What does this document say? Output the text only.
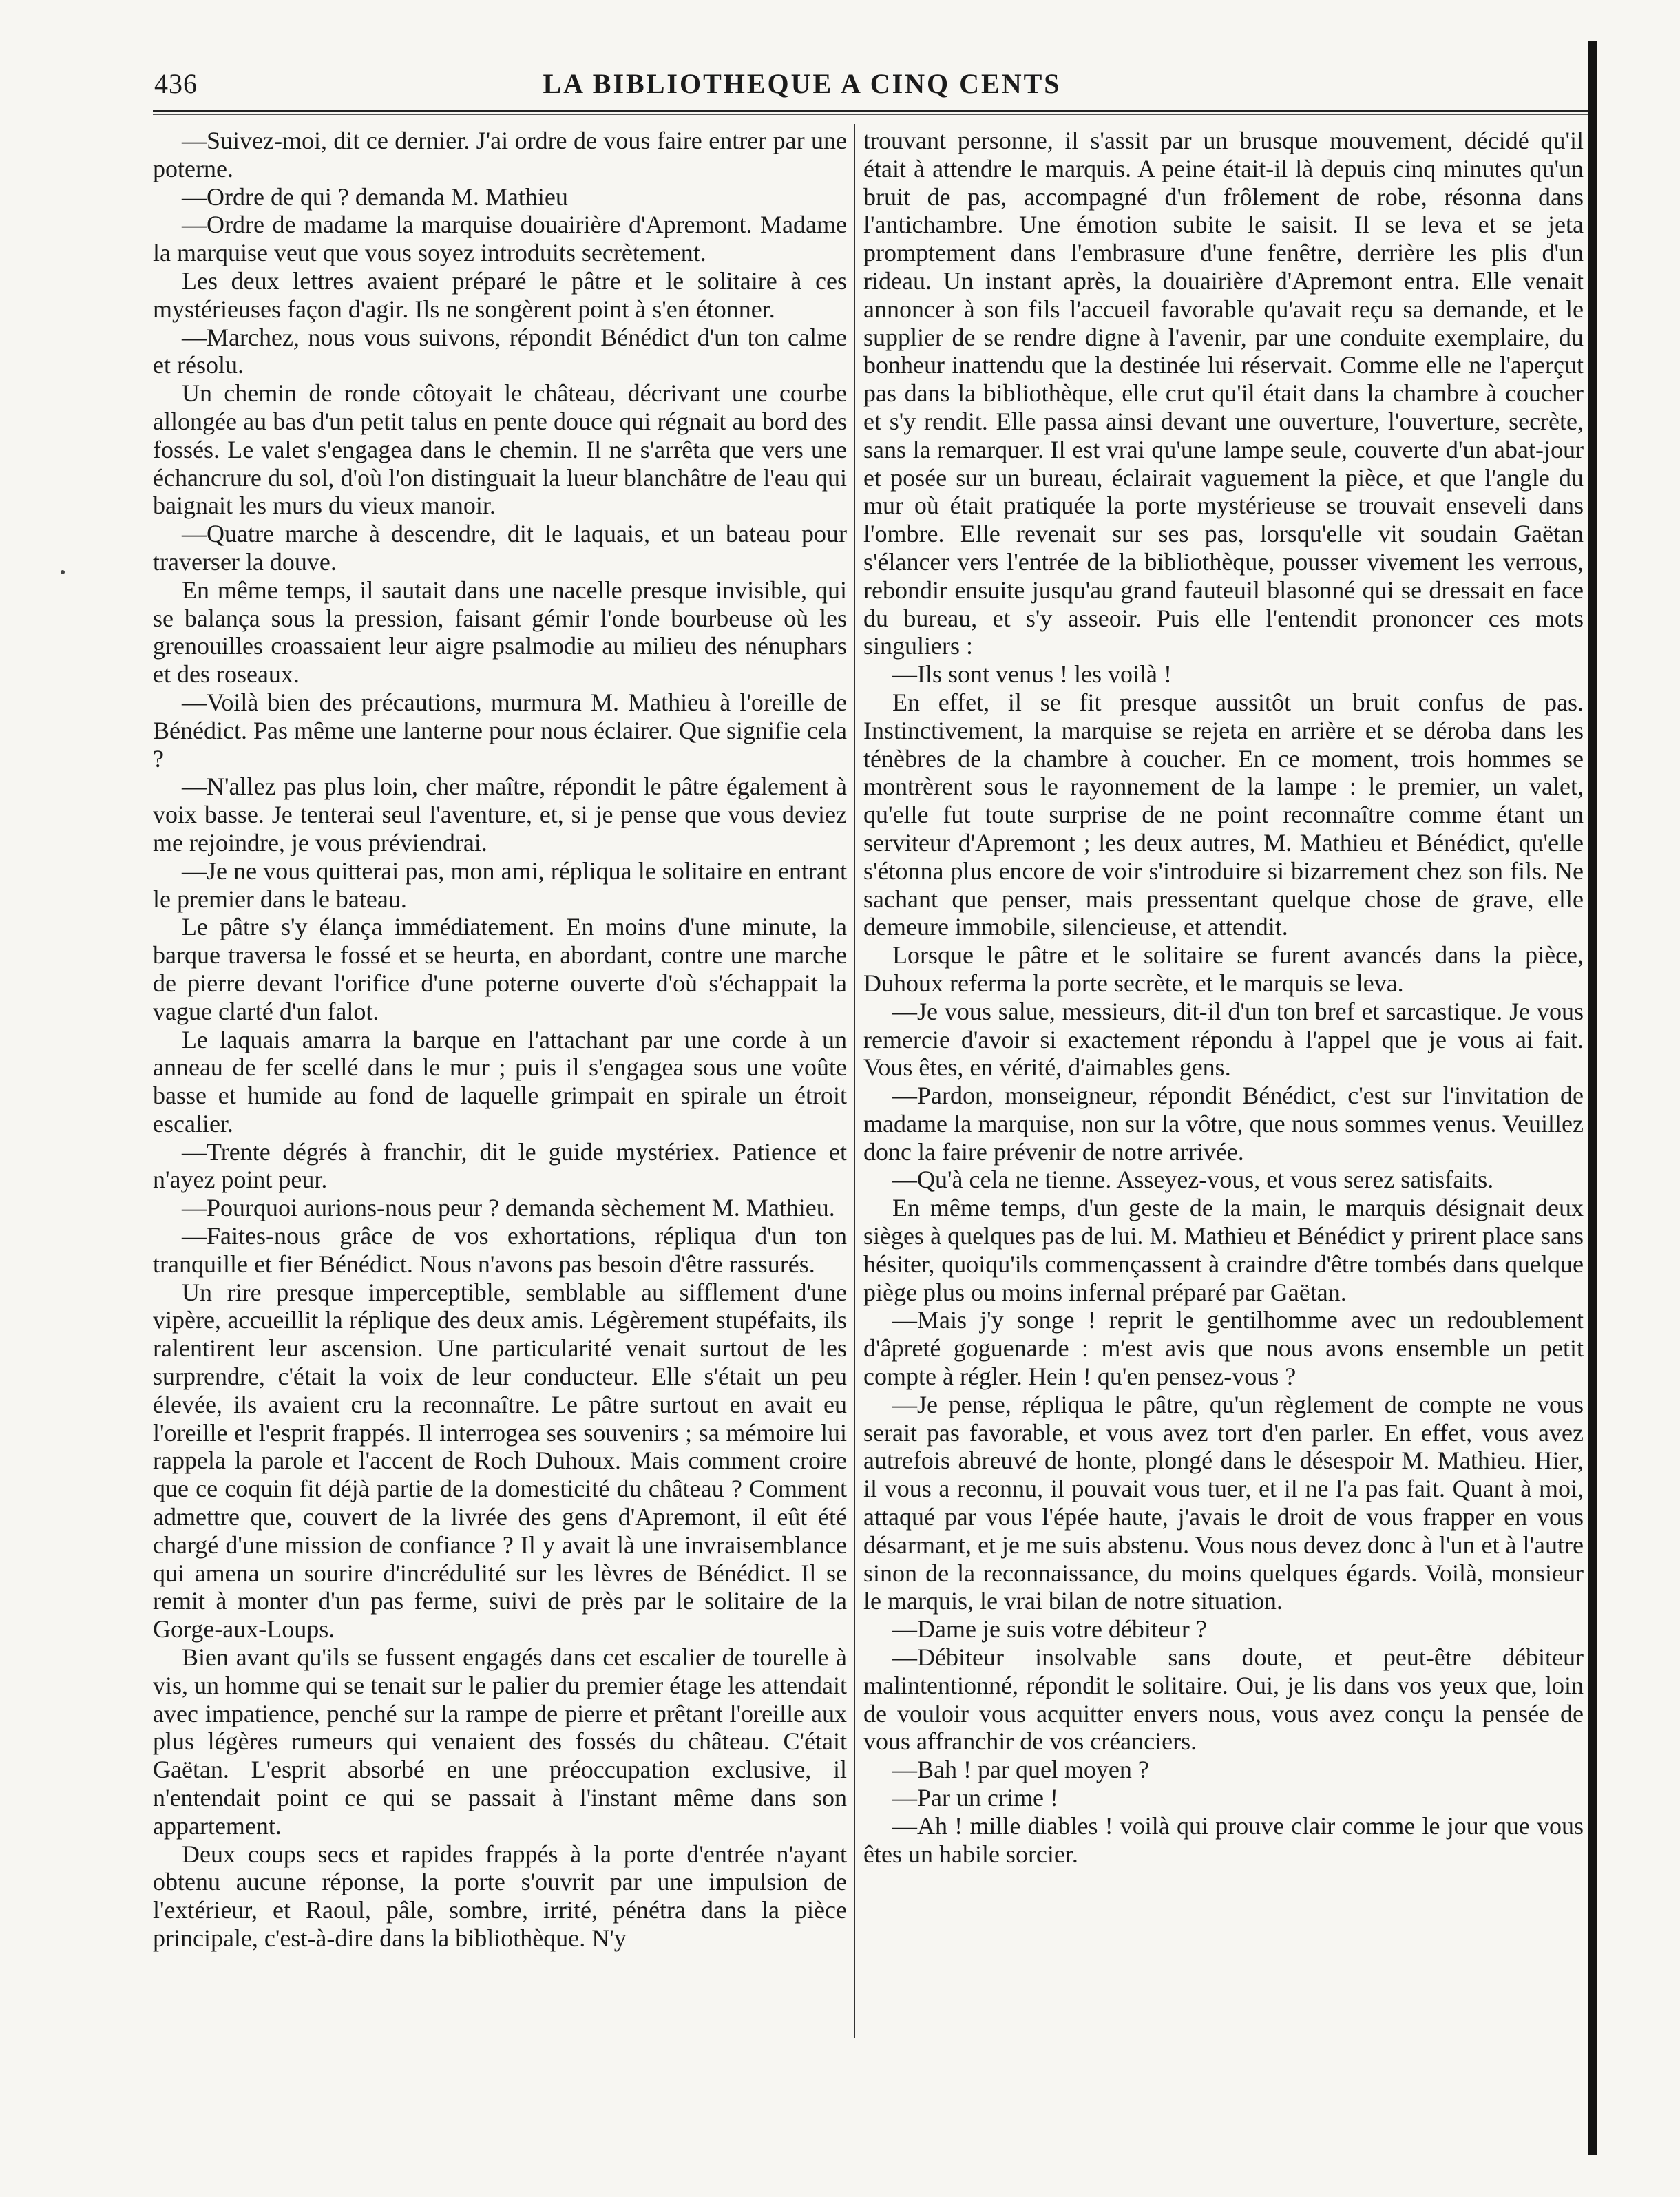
436	LA BIBLIOTHEQUE A CINQ CENTS

—Suivez-moi, dit ce dernier. J'ai ordre de vous faire entrer par une poterne.

—Ordre de qui ? demanda M. Mathieu

—Ordre de madame la marquise douairière d'Apremont. Madame la marquise veut que vous soyez introduits secrètement.

Les deux lettres avaient préparé le pâtre et le solitaire à ces mystérieuses façon d'agir. Ils ne songèrent point à s'en étonner.

—Marchez, nous vous suivons, répondit Bénédict d'un ton calme et résolu.

Un chemin de ronde côtoyait le château, décrivant une courbe allongée au bas d'un petit talus en pente douce qui régnait au bord des fossés. Le valet s'engagea dans le chemin. Il ne s'arrêta que vers une échancrure du sol, d'où l'on distinguait la lueur blanchâtre de l'eau qui baignait les murs du vieux manoir.

—Quatre marche à descendre, dit le laquais, et un bateau pour traverser la douve.

En même temps, il sautait dans une nacelle presque invisible, qui se balança sous la pression, faisant gémir l'onde bourbeuse où les grenouilles croassaient leur aigre psalmodie au milieu des nénuphars et des roseaux.

—Voilà bien des précautions, murmura M. Mathieu à l'oreille de Bénédict. Pas même une lanterne pour nous éclairer. Que signifie cela ?

—N'allez pas plus loin, cher maître, répondit le pâtre également à voix basse. Je tenterai seul l'aventure, et, si je pense que vous deviez me rejoindre, je vous préviendrai.

—Je ne vous quitterai pas, mon ami, répliqua le solitaire en entrant le premier dans le bateau.

Le pâtre s'y élança immédiatement. En moins d'une minute, la barque traversa le fossé et se heurta, en abordant, contre une marche de pierre devant l'orifice d'une poterne ouverte d'où s'échappait la vague clarté d'un falot.

Le laquais amarra la barque en l'attachant par une corde à un anneau de fer scellé dans le mur ; puis il s'engagea sous une voûte basse et humide au fond de laquelle grimpait en spirale un étroit escalier.

—Trente dégrés à franchir, dit le guide mystériex. Patience et n'ayez point peur.

—Pourquoi aurions-nous peur ? demanda sèchement M. Mathieu.

—Faites-nous grâce de vos exhortations, répliqua d'un ton tranquille et fier Bénédict. Nous n'avons pas besoin d'être rassurés.

Un rire presque imperceptible, semblable au sifflement d'une vipère, accueillit la réplique des deux amis. Légèrement stupéfaits, ils ralentirent leur ascension. Une particularité venait surtout de les surprendre, c'était la voix de leur conducteur. Elle s'était un peu élevée, ils avaient cru la reconnaître. Le pâtre surtout en avait eu l'oreille et l'esprit frappés. Il interrogea ses souvenirs ; sa mémoire lui rappela la parole et l'accent de Roch Duhoux. Mais comment croire que ce coquin fit déjà partie de la domesticité du château ? Comment admettre que, couvert de la livrée des gens d'Apremont, il eût été chargé d'une mission de confiance ? Il y avait là une invraisemblance qui amena un sourire d'incrédulité sur les lèvres de Bénédict. Il se remit à monter d'un pas ferme, suivi de près par le solitaire de la Gorge-aux-Loups.

Bien avant qu'ils se fussent engagés dans cet escalier de tourelle à vis, un homme qui se tenait sur le palier du premier étage les attendait avec impatience, penché sur la rampe de pierre et prêtant l'oreille aux plus légères rumeurs qui venaient des fossés du château. C'était Gaëtan. L'esprit absorbé en une préoccupation exclusive, il n'entendait point ce qui se passait à l'instant même dans son appartement.

Deux coups secs et rapides frappés à la porte d'entrée n'ayant obtenu aucune réponse, la porte s'ouvrit par une impulsion de l'extérieur, et Raoul, pâle, sombre, irrité, pénétra dans la pièce principale, c'est-à-dire dans la bibliothèque. N'y

trouvant personne, il s'assit par un brusque mouvement, décidé qu'il était à attendre le marquis. A peine était-il là depuis cinq minutes qu'un bruit de pas, accompagné d'un frôlement de robe, résonna dans l'antichambre. Une émotion subite le saisit. Il se leva et se jeta promptement dans l'embrasure d'une fenêtre, derrière les plis d'un rideau. Un instant après, la douairière d'Apremont entra. Elle venait annoncer à son fils l'accueil favorable qu'avait reçu sa demande, et le supplier de se rendre digne à l'avenir, par une conduite exemplaire, du bonheur inattendu que la destinée lui réservait. Comme elle ne l'aperçut pas dans la bibliothèque, elle crut qu'il était dans la chambre à coucher et s'y rendit. Elle passa ainsi devant une ouverture, l'ouverture, secrète, sans la remarquer. Il est vrai qu'une lampe seule, couverte d'un abat-jour et posée sur un bureau, éclairait vaguement la pièce, et que l'angle du mur où était pratiquée la porte mystérieuse se trouvait enseveli dans l'ombre. Elle revenait sur ses pas, lorsqu'elle vit soudain Gaëtan s'élancer vers l'entrée de la bibliothèque, pousser vivement les verrous, rebondir ensuite jusqu'au grand fauteuil blasonné qui se dressait en face du bureau, et s'y asseoir. Puis elle l'entendit prononcer ces mots singuliers :

—Ils sont venus ! les voilà !

En effet, il se fit presque aussitôt un bruit confus de pas. Instinctivement, la marquise se rejeta en arrière et se déroba dans les ténèbres de la chambre à coucher. En ce moment, trois hommes se montrèrent sous le rayonnement de la lampe : le premier, un valet, qu'elle fut toute surprise de ne point reconnaître comme étant un serviteur d'Apremont ; les deux autres, M. Mathieu et Bénédict, qu'elle s'étonna plus encore de voir s'introduire si bizarrement chez son fils. Ne sachant que penser, mais pressentant quelque chose de grave, elle demeure immobile, silencieuse, et attendit.

Lorsque le pâtre et le solitaire se furent avancés dans la pièce, Duhoux referma la porte secrète, et le marquis se leva.

—Je vous salue, messieurs, dit-il d'un ton bref et sarcastique. Je vous remercie d'avoir si exactement répondu à l'appel que je vous ai fait. Vous êtes, en vérité, d'aimables gens.

—Pardon, monseigneur, répondit Bénédict, c'est sur l'invitation de madame la marquise, non sur la vôtre, que nous sommes venus. Veuillez donc la faire prévenir de notre arrivée.

—Qu'à cela ne tienne. Asseyez-vous, et vous serez satisfaits.

En même temps, d'un geste de la main, le marquis désignait deux sièges à quelques pas de lui. M. Mathieu et Bénédict y prirent place sans hésiter, quoiqu'ils commençassent à craindre d'être tombés dans quelque piège plus ou moins infernal préparé par Gaëtan.

—Mais j'y songe ! reprit le gentilhomme avec un redoublement d'âpreté goguenarde : m'est avis que nous avons ensemble un petit compte à régler. Hein ! qu'en pensez-vous ?

—Je pense, répliqua le pâtre, qu'un règlement de compte ne vous serait pas favorable, et vous avez tort d'en parler. En effet, vous avez autrefois abreuvé de honte, plongé dans le désespoir M. Mathieu. Hier, il vous a reconnu, il pouvait vous tuer, et il ne l'a pas fait. Quant à moi, attaqué par vous l'épée haute, j'avais le droit de vous frapper en vous désarmant, et je me suis abstenu. Vous nous devez donc à l'un et à l'autre sinon de la reconnaissance, du moins quelques égards. Voilà, monsieur le marquis, le vrai bilan de notre situation.

—Dame je suis votre débiteur ?

—Débiteur insolvable sans doute, et peut-être débiteur malintentionné, répondit le solitaire. Oui, je lis dans vos yeux que, loin de vouloir vous acquitter envers nous, vous avez conçu la pensée de vous affranchir de vos créanciers.

—Bah ! par quel moyen ?

—Par un crime !

—Ah ! mille diables ! voilà qui prouve clair comme le jour que vous êtes un habile sorcier.
